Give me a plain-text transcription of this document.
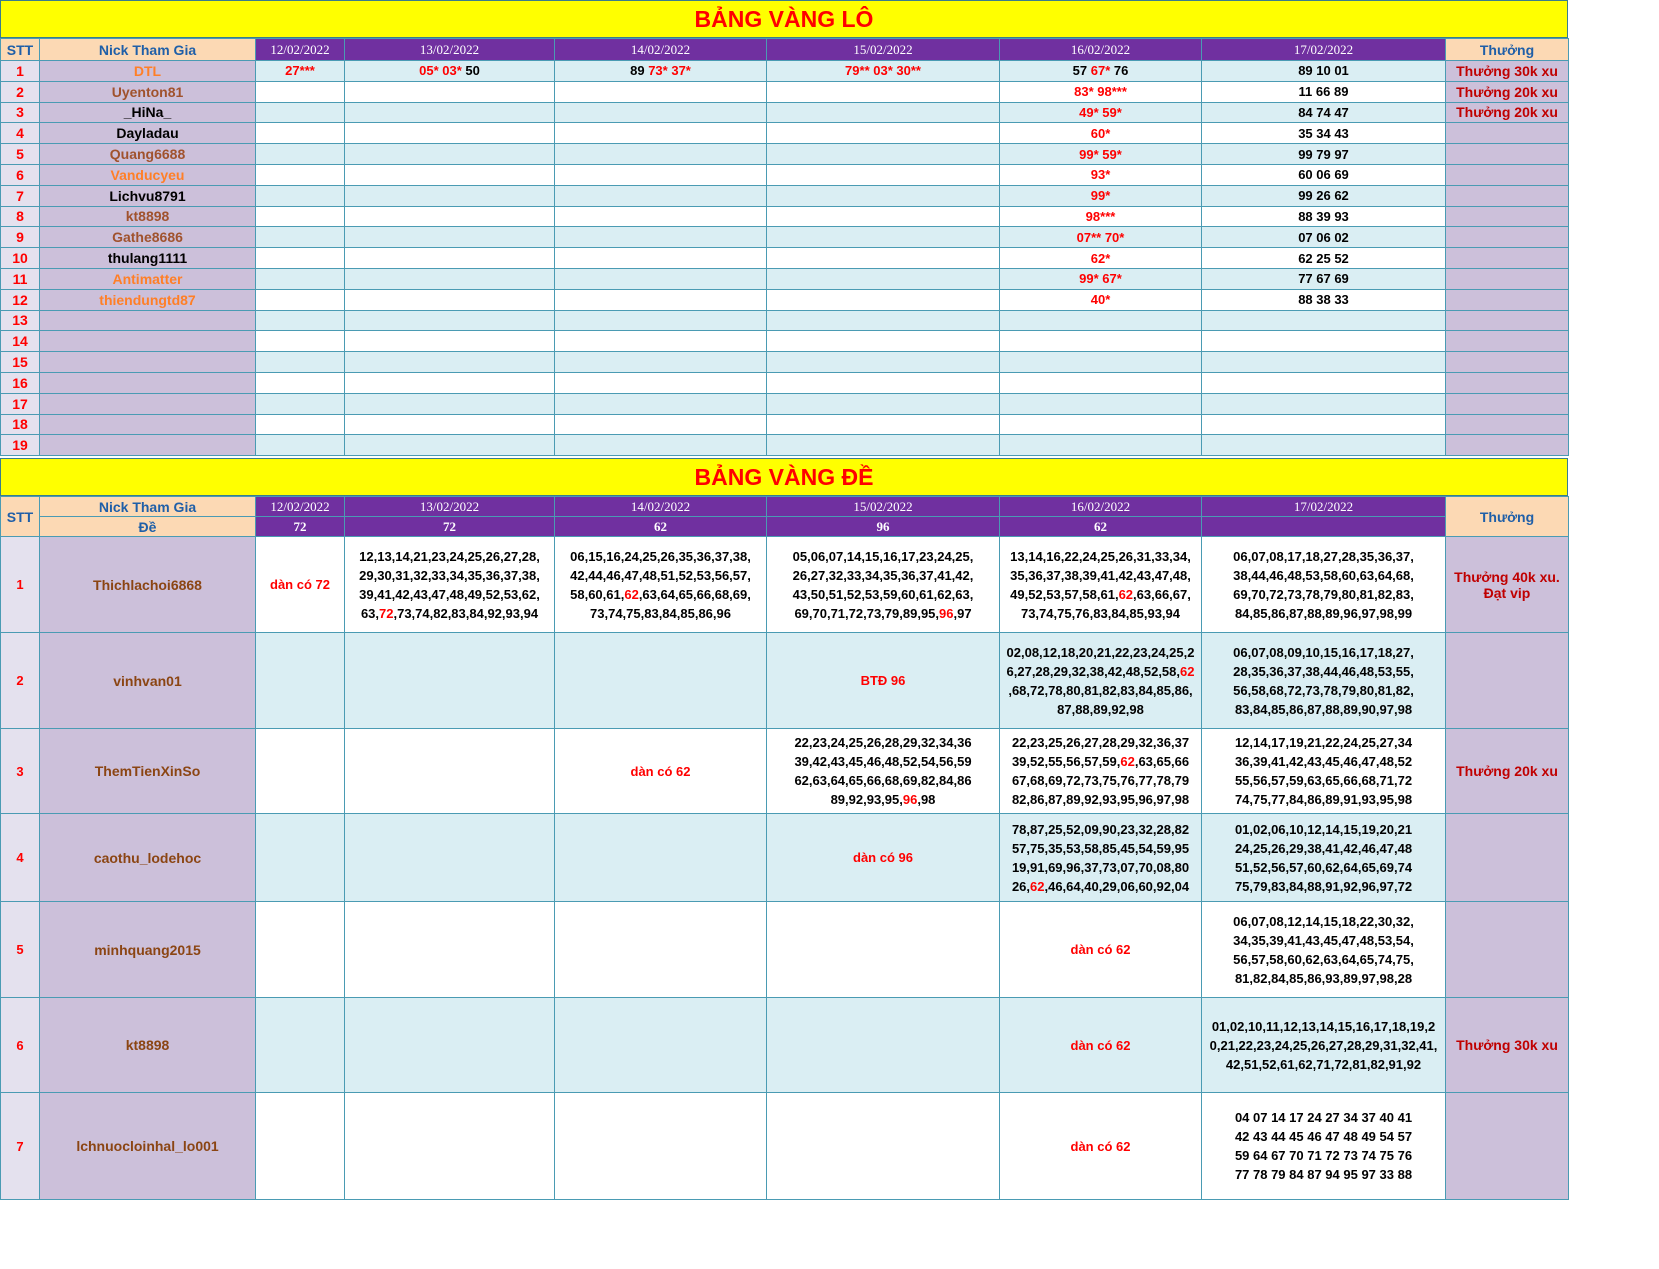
BẢNG VÀNG LÔ
STT	Nick Tham Gia	12/02/2022	13/02/2022	14/02/2022	15/02/2022	16/02/2022	17/02/2022	Thưởng
1	DTL	27***	05* 03* 50	89 73* 37*	79** 03* 30**	57 67* 76	89 10 01	Thưởng 30k xu
2	Uyenton81					83* 98***	11 66 89	Thưởng 20k xu
3	_HiNa_					49* 59*	84 74 47	Thưởng 20k xu
4	Dayladau					60*	35 34 43	
5	Quang6688					99* 59*	99 79 97	
6	Vanducyeu					93*	60 06 69	
7	Lichvu8791					99*	99 26 62	
8	kt8898					98***	88 39 93	
9	Gathe8686					07** 70*	07 06 02	
10	thulang1111					62*	62 25 52	
11	Antimatter					99* 67*	77 67 69	
12	thiendungtd87					40*	88 38 33	
13								
14								
15								
16								
17								
18								
19								
BẢNG VÀNG ĐỀ
STT	Nick Tham Gia	12/02/2022	13/02/2022	14/02/2022	15/02/2022	16/02/2022	17/02/2022	Thưởng
	Đề	72	72	62	96	62		
1	Thichlachoi6868	dàn có 72	12,13,14,21,23,24,25,26,27,28,
29,30,31,32,33,34,35,36,37,38,
39,41,42,43,47,48,49,52,53,62,
63,72,73,74,82,83,84,92,93,94	06,15,16,24,25,26,35,36,37,38,
42,44,46,47,48,51,52,53,56,57,
58,60,61,62,63,64,65,66,68,69,
73,74,75,83,84,85,86,96	05,06,07,14,15,16,17,23,24,25,
26,27,32,33,34,35,36,37,41,42,
43,50,51,52,53,59,60,61,62,63,
69,70,71,72,73,79,89,95,96,97	13,14,16,22,24,25,26,31,33,34,
35,36,37,38,39,41,42,43,47,48,
49,52,53,57,58,61,62,63,66,67,
73,74,75,76,83,84,85,93,94	06,07,08,17,18,27,28,35,36,37,
38,44,46,48,53,58,60,63,64,68,
69,70,72,73,78,79,80,81,82,83,
84,85,86,87,88,89,96,97,98,99	Thưởng 40k xu.
Đạt vip
2	vinhvan01				BTĐ 96	02,08,12,18,20,21,22,23,24,25,2
6,27,28,29,32,38,42,48,52,58,62
,68,72,78,80,81,82,83,84,85,86,
87,88,89,92,98	06,07,08,09,10,15,16,17,18,27,
28,35,36,37,38,44,46,48,53,55,
56,58,68,72,73,78,79,80,81,82,
83,84,85,86,87,88,89,90,97,98	
3	ThemTienXinSo			dàn có 62	22,23,24,25,26,28,29,32,34,36
39,42,43,45,46,48,52,54,56,59
62,63,64,65,66,68,69,82,84,86
89,92,93,95,96,98	22,23,25,26,27,28,29,32,36,37
39,52,55,56,57,59,62,63,65,66
67,68,69,72,73,75,76,77,78,79
82,86,87,89,92,93,95,96,97,98	12,14,17,19,21,22,24,25,27,34
36,39,41,42,43,45,46,47,48,52
55,56,57,59,63,65,66,68,71,72
74,75,77,84,86,89,91,93,95,98	Thưởng 20k xu
4	caothu_lodehoc				dàn có 96	78,87,25,52,09,90,23,32,28,82
57,75,35,53,58,85,45,54,59,95
19,91,69,96,37,73,07,70,08,80
26,62,46,64,40,29,06,60,92,04	01,02,06,10,12,14,15,19,20,21
24,25,26,29,38,41,42,46,47,48
51,52,56,57,60,62,64,65,69,74
75,79,83,84,88,91,92,96,97,72	
5	minhquang2015					dàn có 62	06,07,08,12,14,15,18,22,30,32,
34,35,39,41,43,45,47,48,53,54,
56,57,58,60,62,63,64,65,74,75,
81,82,84,85,86,93,89,97,98,28	
6	kt8898					dàn có 62	01,02,10,11,12,13,14,15,16,17,18,19,2
0,21,22,23,24,25,26,27,28,29,31,32,41,
42,51,52,61,62,71,72,81,82,91,92	Thưởng 30k xu
7	lchnuocloinhal_lo001					dàn có 62	04 07 14 17 24 27 34 37 40 41
42 43 44 45 46 47 48 49 54 57
59 64 67 70 71 72 73 74 75 76
77 78 79 84 87 94 95 97 33 88	
